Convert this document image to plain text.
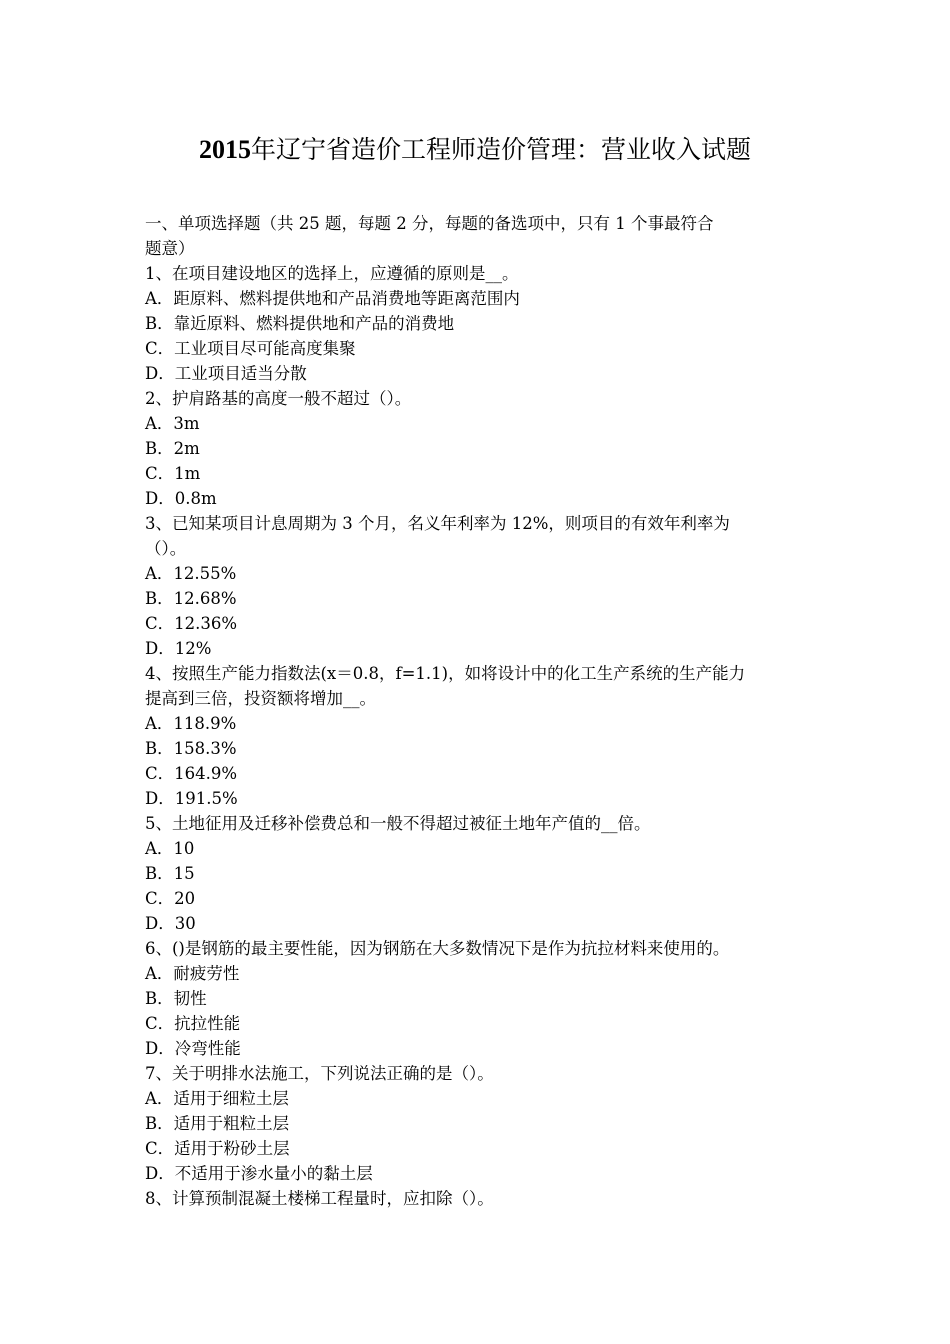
2015年辽宁省造价工程师造价管理：营业收入试题
一、单项选择题（共 25 题，每题 2 分，每题的备选项中，只有 1 个事最符合
题意）
1、在项目建设地区的选择上，应遵循的原则是__。
A．距原料、燃料提供地和产品消费地等距离范围内
B．靠近原料、燃料提供地和产品的消费地
C．工业项目尽可能高度集聚
D．工业项目适当分散
2、护肩路基的高度一般不超过（）。
A．3m
B．2m
C．1m
D．0.8m
3、已知某项目计息周期为 3 个月，名义年利率为 12%，则项目的有效年利率为
（）。
A．12.55%
B．12.68%
C．12.36%
D．12%
4、按照生产能力指数法(x＝0.8，f=1.1)，如将设计中的化工生产系统的生产能力
提高到三倍，投资额将增加__。
A．118.9%
B．158.3%
C．164.9%
D．191.5%
5、土地征用及迁移补偿费总和一般不得超过被征土地年产值的__倍。
A．10
B．15
C．20
D．30
6、()是钢筋的最主要性能，因为钢筋在大多数情况下是作为抗拉材料来使用的。
A．耐疲劳性
B．韧性
C．抗拉性能
D．冷弯性能
7、关于明排水法施工，下列说法正确的是（）。
A．适用于细粒土层
B．适用于粗粒土层
C．适用于粉砂土层
D．不适用于渗水量小的黏土层
8、计算预制混凝土楼梯工程量时，应扣除（）。
